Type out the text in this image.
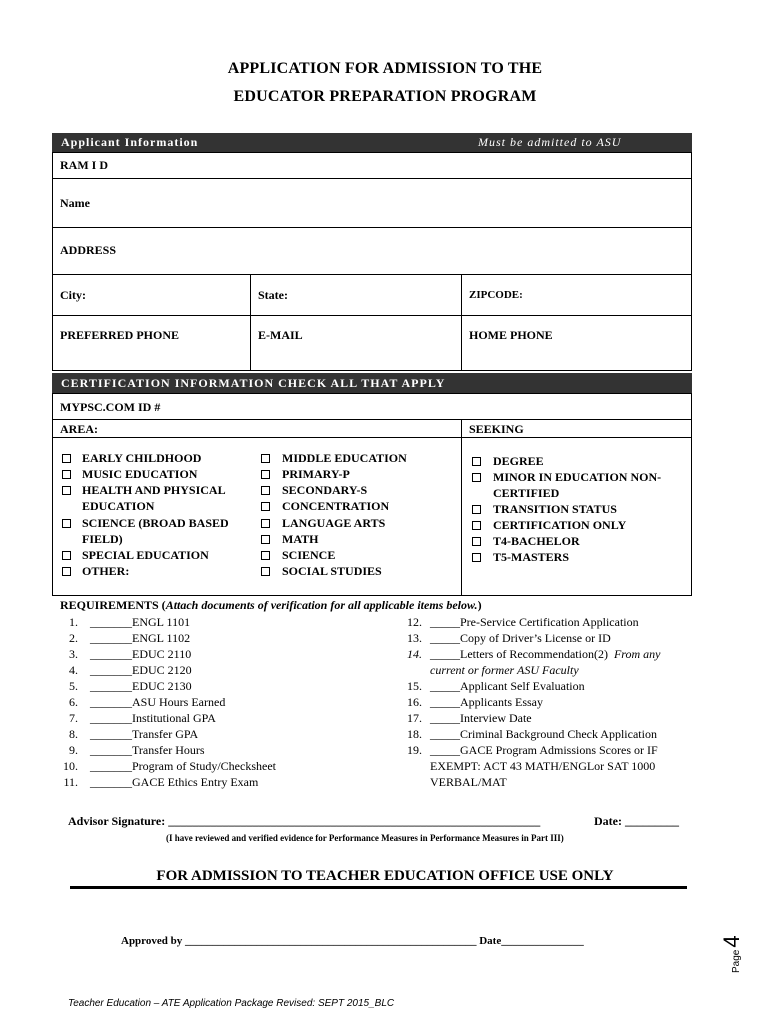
APPLICATION FOR ADMISSION TO THE
EDUCATOR PREPARATION PROGRAM
Applicant Information	Must be admitted to ASU
RAM I D
Name
ADDRESS
City:	State:	ZIPCODE:
PREFERRED PHONE	E-MAIL	HOME PHONE
CERTIFICATION INFORMATION CHECK ALL THAT APPLY
MYPSC.COM ID #
AREA:	SEEKING
EARLY CHILDHOOD
MUSIC EDUCATION
HEALTH AND PHYSICAL
EDUCATION
SCIENCE (BROAD BASED
FIELD)
SPECIAL EDUCATION
OTHER:
MIDDLE EDUCATION
PRIMARY-P
SECONDARY-S
CONCENTRATION
LANGUAGE ARTS
MATH
SCIENCE
SOCIAL STUDIES
DEGREE
MINOR IN EDUCATION NON-
CERTIFIED
TRANSITION STATUS
CERTIFICATION ONLY
T4-BACHELOR
T5-MASTERS
REQUIREMENTS (Attach documents of verification for all applicable items below.)
1. _______ENGL 1101
2. _______ENGL 1102
3. _______EDUC 2110
4. _______EDUC 2120
5. _______EDUC 2130
6. _______ASU Hours Earned
7. _______Institutional GPA
8. _______Transfer GPA
9. _______Transfer Hours
10. _______Program of Study/Checksheet
11. _______GACE Ethics Entry Exam
12. _____Pre-Service Certification Application
13. _____Copy of Driver’s License or ID
14. _____Letters of Recommendation(2) From any
current or former ASU Faculty
15. _____Applicant Self Evaluation
16. _____Applicants Essay
17. _____Interview Date
18. _____Criminal Background Check Application
19. _____GACE Program Admissions Scores or IF
EXEMPT: ACT 43 MATH/ENGLor SAT 1000
VERBAL/MAT
Advisor Signature: ______________________________________________________________	Date: _________
(I have reviewed and verified evidence for Performance Measures in Performance Measures in Part III)
FOR ADMISSION TO TEACHER EDUCATION OFFICE USE ONLY
Approved by _____________________________________________________ Date_______________
Page4
Teacher Education – ATE Application Package Revised: SEPT 2015_BLC
